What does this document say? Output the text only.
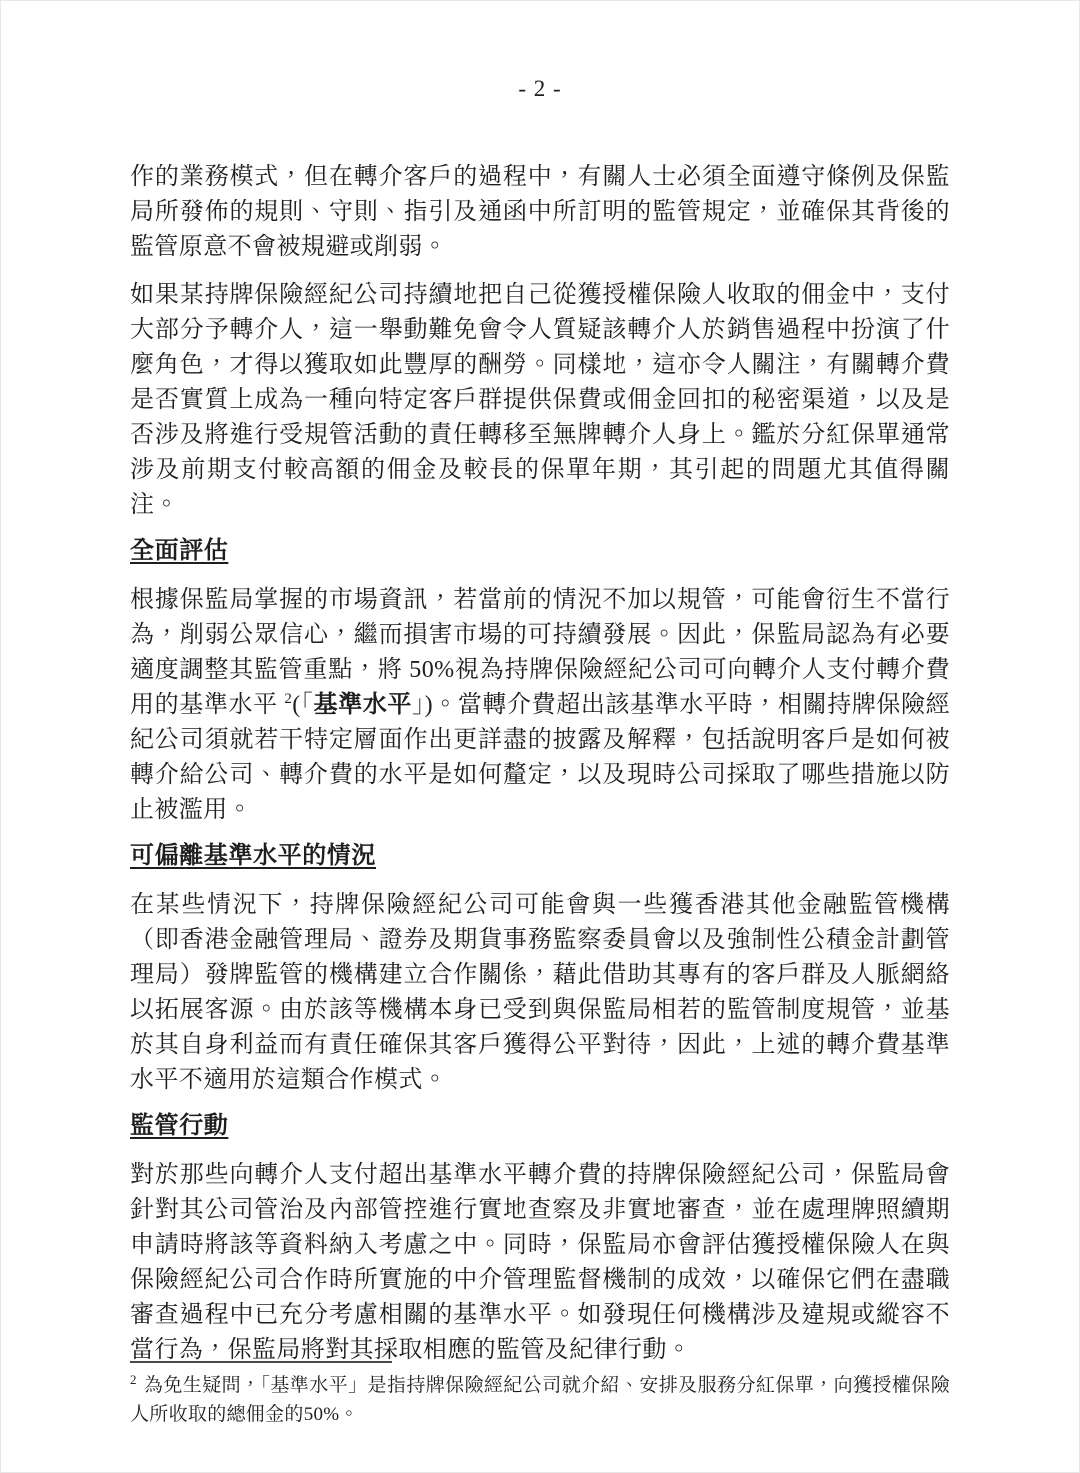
- 2 -

作的業務模式，但在轉介客戶的過程中，有關人士必須全面遵守條例及保監局所發佈的規則、守則、指引及通函中所訂明的監管規定，並確保其背後的監管原意不會被規避或削弱。

如果某持牌保險經紀公司持續地把自己從獲授權保險人收取的佣金中，支付大部分予轉介人，這一舉動難免會令人質疑該轉介人於銷售過程中扮演了什麼角色，才得以獲取如此豐厚的酬勞。同樣地，這亦令人關注，有關轉介費是否實質上成為一種向特定客戶群提供保費或佣金回扣的秘密渠道，以及是否涉及將進行受規管活動的責任轉移至無牌轉介人身上。鑑於分紅保單通常涉及前期支付較高額的佣金及較長的保單年期，其引起的問題尤其值得關注。

全面評估

根據保監局掌握的市場資訊，若當前的情況不加以規管，可能會衍生不當行為，削弱公眾信心，繼而損害市場的可持續發展。因此，保監局認為有必要適度調整其監管重點，將 50%視為持牌保險經紀公司可向轉介人支付轉介費用的基準水平 $^2$(「基準水平」)。當轉介費超出該基準水平時，相關持牌保險經紀公司須就若干特定層面作出更詳盡的披露及解釋，包括說明客戶是如何被轉介給公司、轉介費的水平是如何釐定，以及現時公司採取了哪些措施以防止被濫用。

可偏離基準水平的情況

在某些情況下，持牌保險經紀公司可能會與一些獲香港其他金融監管機構（即香港金融管理局、證券及期貨事務監察委員會以及強制性公積金計劃管理局）發牌監管的機構建立合作關係，藉此借助其專有的客戶群及人脈網絡以拓展客源。由於該等機構本身已受到與保監局相若的監管制度規管，並基於其自身利益而有責任確保其客戶獲得公平對待，因此，上述的轉介費基準水平不適用於這類合作模式。

監管行動

對於那些向轉介人支付超出基準水平轉介費的持牌保險經紀公司，保監局會針對其公司管治及內部管控進行實地查察及非實地審查，並在處理牌照續期申請時將該等資料納入考慮之中。同時，保監局亦會評估獲授權保險人在與保險經紀公司合作時所實施的中介管理監督機制的成效，以確保它們在盡職審查過程中已充分考慮相關的基準水平。如發現任何機構涉及違規或縱容不當行為，保監局將對其採取相應的監管及紀律行動。

$^2$ 為免生疑問，「基準水平」是指持牌保險經紀公司就介紹、安排及服務分紅保單，向獲授權保險人所收取的總佣金的50%。
